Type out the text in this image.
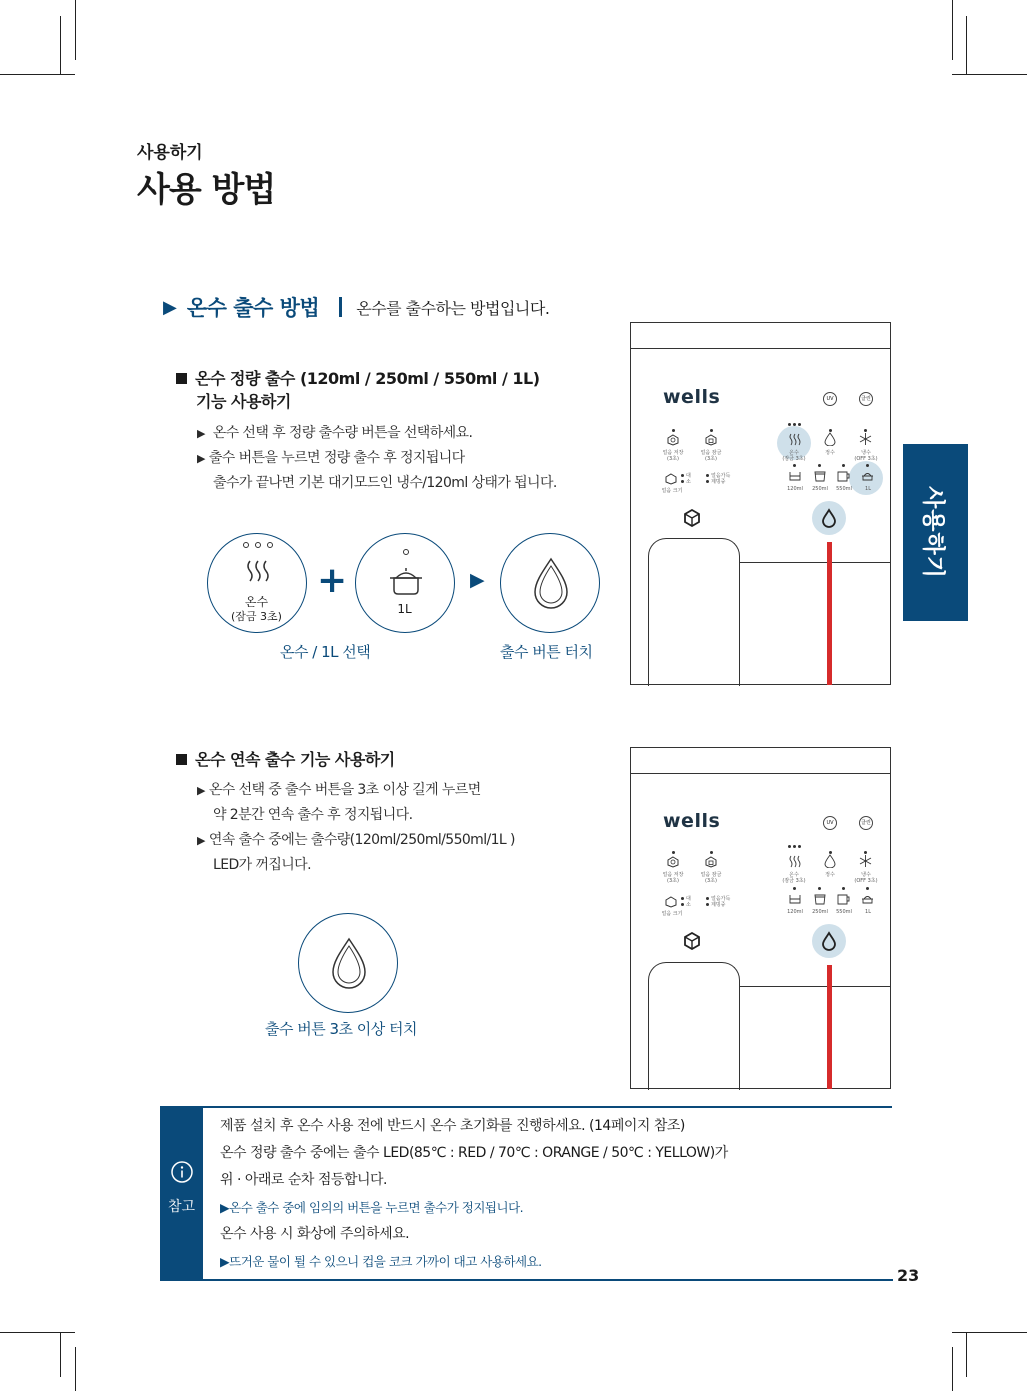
사용하기
사용 방법
▶ 온수 출수 방법 온수를 출수하는 방법입니다.
온수 정량 출수 (120ml / 250ml / 550ml / 1L)
기능 사용하기
▶ 온수 선택 후 정량 출수량 버튼을 선택하세요.
▶ 출수 버튼을 누르면 정량 출수 후 정지됩니다
출수가 끝나면 기본 대기모드인 냉수/120ml 상태가 됩니다.
온수
(잠금 3초)
+
1L
▶
온수 / 1L 선택	출수 버튼 터치
wells	UV	클린
얼음 저장
(3초)
얼음 잠금
(3초)
대
소
얼음 크기
얼음가득
제빙중
온수
(잠금 3초)
정수	냉수
(OFF 3초)
120ml	250ml	550ml	1L	사용하기
온수 연속 출수 기능 사용하기
▶ 온수 선택 중 출수 버튼을 3초 이상 길게 누르면
약 2분간 연속 출수 후 정지됩니다.
▶ 연속 출수 중에는 출수량(120ml/250ml/550ml/1L )
LED가 꺼집니다.
출수 버튼 3초 이상 터치
wells	UV	클린
얼음 저장
(3초)
얼음 잠금
(3초)
대
소
얼음 크기
얼음가득
제빙중
온수
(잠금 3초)
정수	냉수
(OFF 3초)
120ml	250ml	550ml	1L
참고
제품 설치 후 온수 사용 전에 반드시 온수 초기화를 진행하세요. (14페이지 참조)
온수 정량 출수 중에는 출수 LED(85℃ : RED / 70℃ : ORANGE / 50℃ : YELLOW)가
위 · 아래로 순차 점등합니다.
▶온수 출수 중에 임의의 버튼을 누르면 출수가 정지됩니다.
온수 사용 시 화상에 주의하세요.
▶뜨거운 물이 튈 수 있으니 컵을 코크 가까이 대고 사용하세요.
23
